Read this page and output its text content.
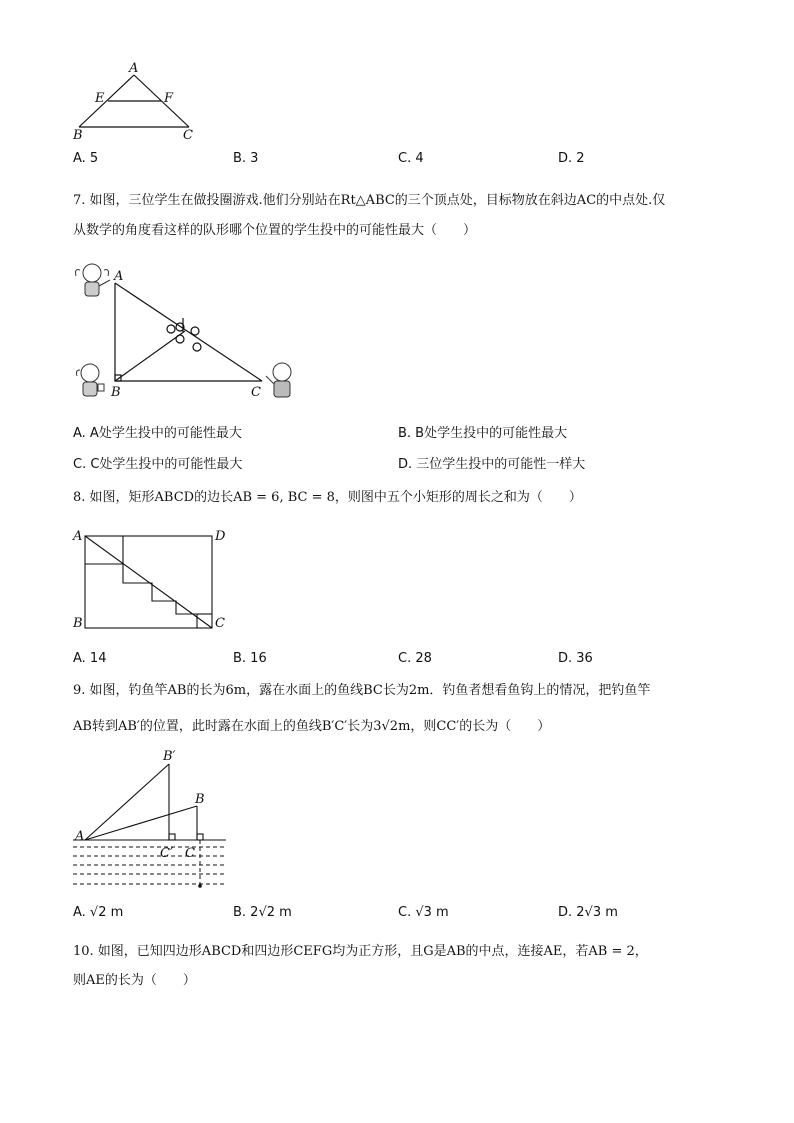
A
E	F
B	C
A. 5	B. 3	C. 4	D. 2
7. 如图，三位学生在做投圈游戏.他们分别站在Rt△ABC的三个顶点处，目标物放在斜边AC的中点处.仅
从数学的角度看这样的队形哪个位置的学生投中的可能性最大（　　）
A
B	C
A. A处学生投中的可能性最大	B. B处学生投中的可能性最大
C. C处学生投中的可能性最大	D. 三位学生投中的可能性一样大
8. 如图，矩形ABCD的边长AB = 6, BC = 8，则图中五个小矩形的周长之和为（　　）
A	D
B	C
A. 14	B. 16	C. 28	D. 36
9. 如图，钓鱼竿AB的长为6m，露在水面上的鱼线BC长为2m．钓鱼者想看鱼钩上的情况，把钓鱼竿
AB转到AB′的位置，此时露在水面上的鱼线B′C′长为3√2m，则CC′的长为（　　）
A
B′
B
C′ C
A. √2 m	B. 2√2 m	C. √3 m	D. 2√3 m
10. 如图，已知四边形ABCD和四边形CEFG均为正方形，且G是AB的中点，连接AE，若AB = 2，
则AE的长为（　　）
